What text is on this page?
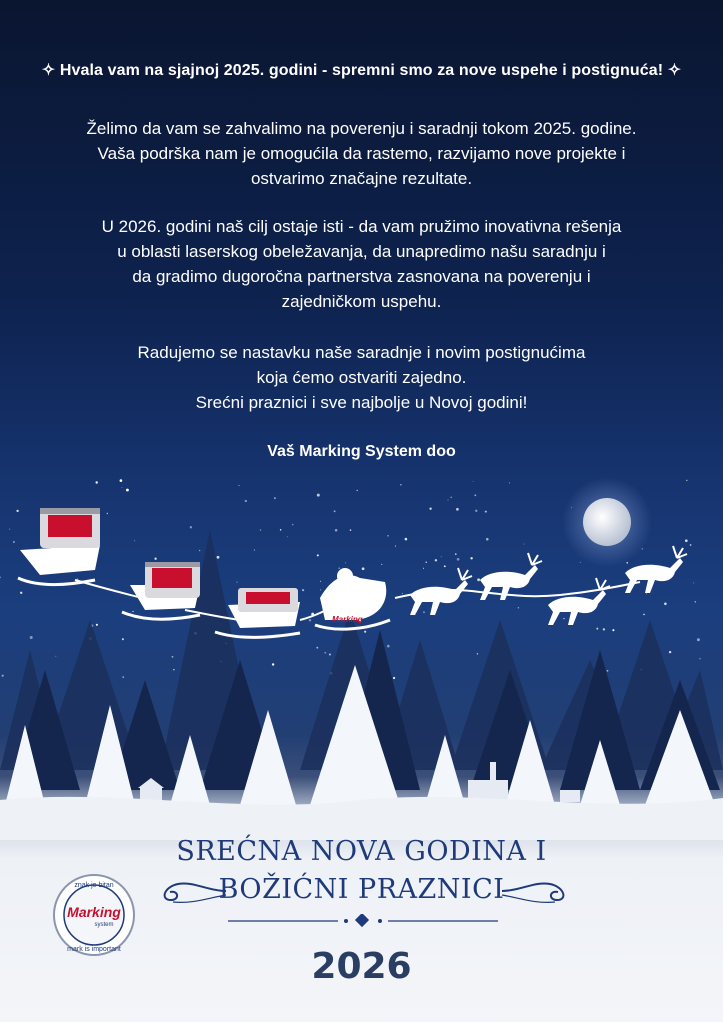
✧ Hvala vam na sjajnoj 2025. godini - spremni smo za nove uspehe i postignuća! ✧
Želimo da vam se zahvalimo na poverenju i saradnji tokom 2025. godine.
Vaša podrška nam je omogućila da rastemo, razvijamo nove projekte i
ostvarimo značajne rezultate.
U 2026. godini naš cilj ostaje isti - da vam pružimo inovativna rešenja
u oblasti laserskog obeležavanja, da unapredimo našu saradnju i
da gradimo dugoročna partnerstva zasnovana na poverenju i
zajedničkom uspehu.
Radujemo se nastavku naše saradnje i novim postignućima
koja ćemo ostvariti zajedno.
Srećni praznici i sve najbolje u Novoj godini!
Vaš Marking System doo
Marking
SREĆNA NOVA GODINA I
BOŽIĆNI PRAZNICI
2026
znak je bitan
mark is important
Marking
system
